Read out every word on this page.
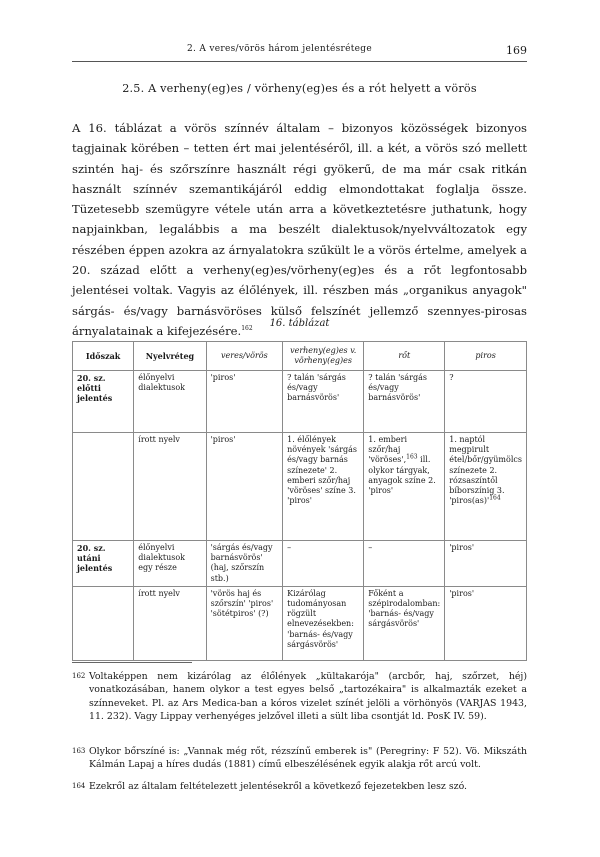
2. A veres/vörös három jelentésrétege	169
2.5. A verheny(eg)es / vörheny(eg)es és a rót helyett a vörös
A 16. táblázat a vörös színnév általam – bizonyos közösségek bizonyos tagjainak körében – tetten ért mai jelentéséről, ill. a két, a vörös szó mellett szintén haj- és szőrszínre használt régi gyökerű, de ma már csak ritkán használt színnév szemantikájáról eddig elmondottakat foglalja össze. Tüzetesebb szemügyre vétele után arra a következtetésre juthatunk, hogy napjainkban, legalábbis a ma beszélt dialektusok/nyelvváltozatok egy részében éppen azokra az árnyalatokra szűkült le a vörös értelme, amelyek a 20. század előtt a verheny(eg)es/vörheny(eg)es és a rőt legfontosabb jelentései voltak. Vagyis az élőlények, ill. részben más „organikus anyagok" sárgás- és/vagy barnásvöröses külső felszínét jellemző szennyes-pirosas árnyalatainak a kifejezésére.$^{162}$	16. táblázat
Időszak	Nyelvréteg	veres/vörös	verheny(eg)es v. vörheny(eg)es	rőt	piros
20. sz. előtti jelentés	élőnyelvi dialektusok	'piros'	? talán 'sárgás és/vagy barnásvörös'	? talán 'sárgás és/vagy barnásvörös'	?
	írott nyelv	'piros'	1. élőlények növények 'sárgás és/vagy barnás színezete' 2. emberi szőr/haj 'vöröses' színe 3. 'piros'	1. emberi szőr/haj 'vöröses',$^{163}$ ill. olykor tárgyak, anyagok színe 2. 'piros'	1. naptól megpirult étel/bőr/gyümölcs színezete 2. rózsaszíntől bíborszínig 3. '$piros(as)'^{164}$
20. sz. utáni jelentés	élőnyelvi dialektusok egy része	'sárgás és/vagy barnásvörös' (haj, szőrszín stb.)	–	–	'piros'
	írott nyelv	'vörös haj és szőrszín' 'piros' 'sötétpiros' (?)	Kizárólag tudományosan rögzült elnevezésekben: 'barnás- és/vagy sárgásvörös'	Főként a szépirodalomban: 'barnás- és/vagy sárgásvörös'	'piros'
162 Voltaképpen nem kizárólag az élőlények „kültakarója" (arcbőr, haj, szőrzet, héj) vonatkozásában, hanem olykor a test egyes belső „tartozékaira" is alkalmazták ezeket a színneveket. Pl. az Ars Medica-ban a kóros vizelet színét jelöli a vörhönyös (VARJAS 1943, 11. 232). Vagy Lippay verhenyéges jelzővel illeti a sült liba csontját ld. PosK IV. 59).
163 Olykor bőrszíné is: „Vannak még rőt, rézszínű emberek is" (Peregriny: F 52). Vö. Mikszáth Kálmán Lapaj a híres dudás (1881) című elbeszélésének egyik alakja rőt arcú volt.
164 Ezekről az általam feltételezett jelentésekről a következő fejezetekben lesz szó.
